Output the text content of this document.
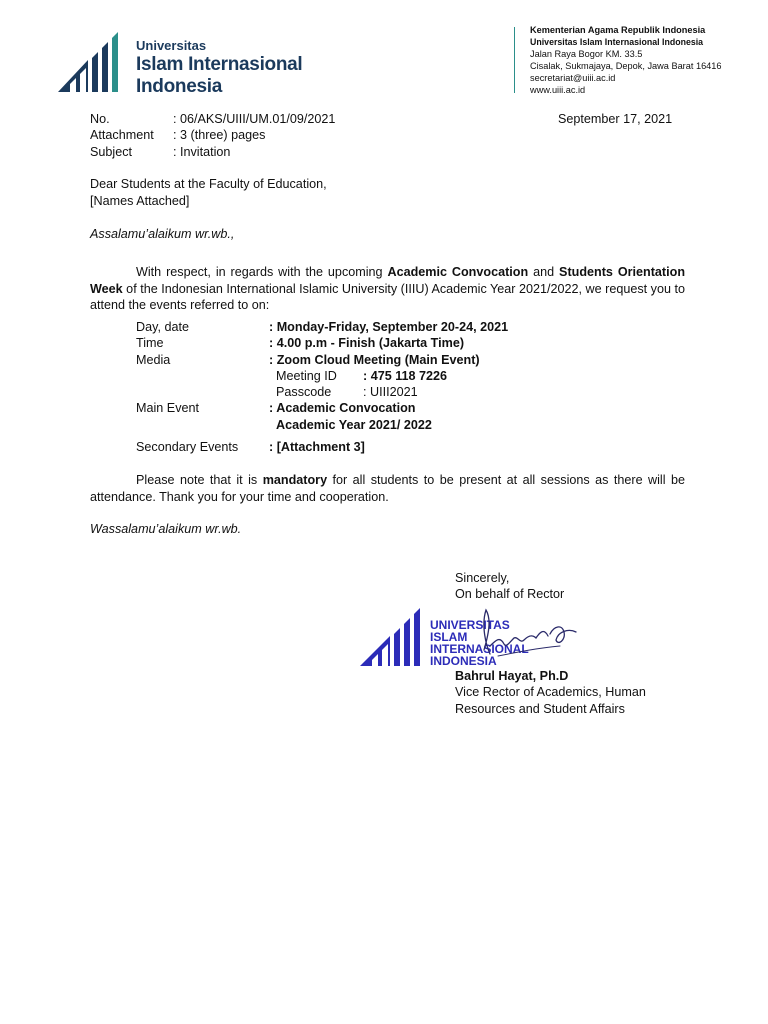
Universitas
Islam Internasional
Indonesia
Kementerian Agama Republik Indonesia
Universitas Islam Internasional Indonesia
Jalan Raya Bogor KM. 33.5
Cisalak, Sukmajaya, Depok, Jawa Barat 16416
secretariat@uiii.ac.id
www.uiii.ac.id
No.	: 06/AKS/UIII/UM.01/09/2021
Attachment : 3 (three) pages
Subject	: Invitation
September 17, 2021
Dear Students at the Faculty of Education,
[Names Attached]
Assalamu’alaikum wr.wb.,
With respect, in regards with the upcoming Academic Convocation and Students Orientation Week of the Indonesian International Islamic University (IIIU) Academic Year 2021/2022, we request you to attend the events referred to on:
Day, date	: Monday-Friday, September 20-24, 2021
Time	: 4.00 p.m - Finish (Jakarta Time)
Media	: Zoom Cloud Meeting (Main Event)
Meeting ID : 475 118 7226
Passcode	: UIII2021
Main Event	: Academic Convocation
Academic Year 2021/ 2022
Secondary Events : [Attachment 3]
Please note that it is mandatory for all students to be present at all sessions as there will be attendance. Thank you for your time and cooperation.
Wassalamu’alaikum wr.wb.
Sincerely,
On behalf of Rector
UNIVERSITAS
ISLAM
INTERNASIONAL
INDONESIA
Bahrul Hayat, Ph.D
Vice Rector of Academics, Human
Resources and Student Affairs
